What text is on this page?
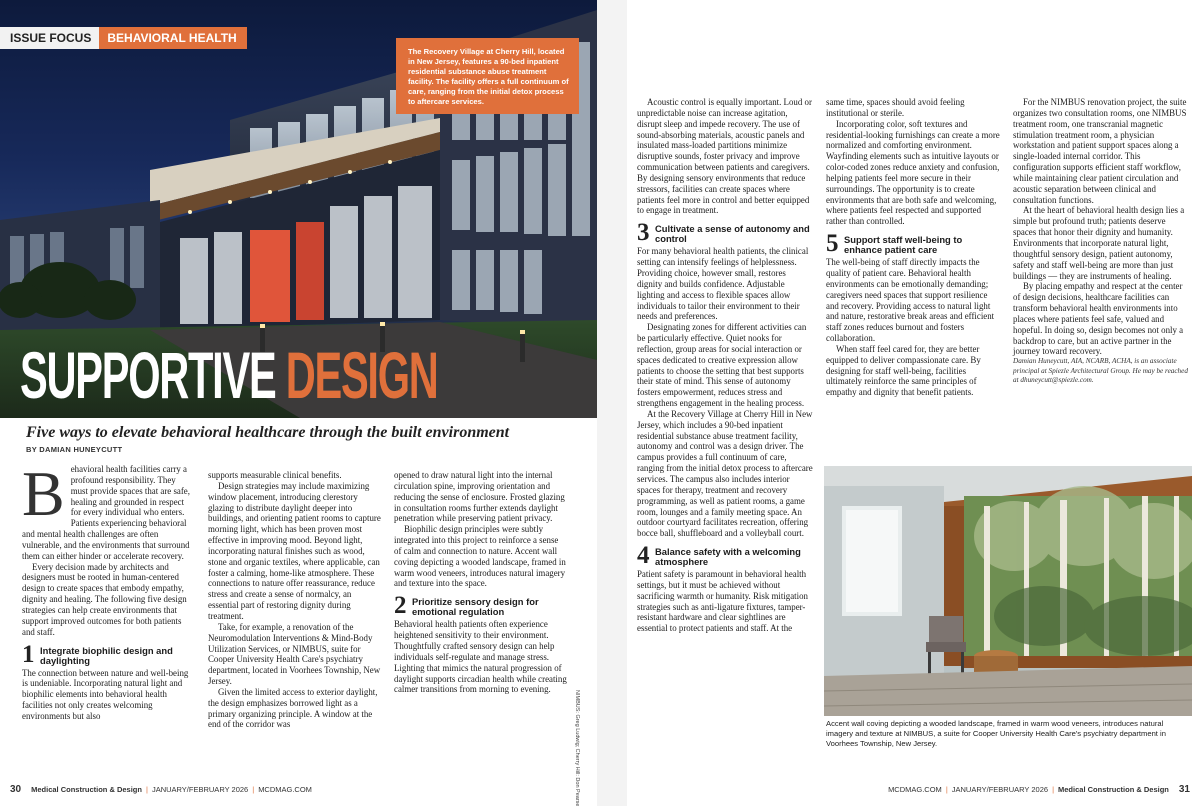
The Recovery Village at Cherry Hill, located in New Jersey, features a 90-bed inpatient residential substance abuse treatment facility. The facility offers a full continuum of care, ranging from the initial detox process to aftercare services.
SUPPORTIVE DESIGN
ISSUE FOCUS	BEHAVIORAL HEALTH
Five ways to elevate behavioral healthcare through the built environment
BY DAMIAN HUNEYCUTT
B ehavioral health facilities carry a profound responsibility. They must provide spaces that are safe, healing and grounded in respect for every individual who enters. Patients experiencing behavioral and mental health challenges are often vulnerable, and the environments that surround them can either hinder or accelerate recovery.

Every decision made by architects and designers must be rooted in human-centered design to create spaces that embody empathy, dignity and healing. The following five design strategies can help create environments that support improved outcomes for both patients and staff.

1 Integrate biophilic design and daylighting

The connection between nature and well-being is undeniable. Incorporating natural light and biophilic elements into behavioral health facilities not only creates welcoming environments but also

supports measurable clinical benefits.

Design strategies may include maximizing window placement, introducing clerestory glazing to distribute daylight deeper into buildings, and orienting patient rooms to capture morning light, which has been proven most effective in improving mood. Beyond light, incorporating natural finishes such as wood, stone and organic textiles, where applicable, can foster a calming, home-like atmosphere. These connections to nature offer reassurance, reduce stress and create a sense of normalcy, an essential part of restoring dignity during treatment.

Take, for example, a renovation of the Neuromodulation Interventions & Mind-Body Utilization Services, or NIMBUS, suite for Cooper University Health Care's psychiatry department, located in Voorhees Township, New Jersey.

Given the limited access to exterior daylight, the design emphasizes borrowed light as a primary organizing principle. A window at the end of the corridor was

opened to draw natural light into the internal circulation spine, improving orientation and reducing the sense of enclosure. Frosted glazing in consultation rooms further extends daylight penetration while preserving patient privacy.

Biophilic design principles were subtly integrated into this project to reinforce a sense of calm and connection to nature. Accent wall coving depicting a wooded landscape, framed in warm wood veneers, introduces natural imagery and texture into the space.

2 Prioritize sensory design for emotional regulation

Behavioral health patients often experience heightened sensitivity to their environment. Thoughtfully crafted sensory design can help individuals self-regulate and manage stress. Lighting that mimics the natural progression of daylight supports circadian health while creating calmer transitions from morning to evening.

NIMBUS: Greg Ludwig; Cherry Hill: Don Pearse
30 Medical Construction & Design | JANUARY/FEBRUARY 2026 | MCDMAG.COM

Acoustic control is equally important. Loud or unpredictable noise can increase agitation, disrupt sleep and impede recovery. The use of sound-absorbing materials, acoustic panels and insulated mass-loaded partitions minimize disruptive sounds, foster privacy and improve communication between patients and caregivers. By designing sensory environments that reduce stressors, facilities can create spaces where patients feel more in control and better equipped to engage in treatment.

3 Cultivate a sense of autonomy and control

For many behavioral health patients, the clinical setting can intensify feelings of helplessness. Providing choice, however small, restores dignity and builds confidence. Adjustable lighting and access to flexible spaces allow individuals to tailor their environment to their needs and preferences.

Designating zones for different activities can be particularly effective. Quiet nooks for reflection, group areas for social interaction or spaces dedicated to creative expression allow patients to choose the setting that best supports their state of mind. This sense of autonomy fosters empowerment, reduces stress and strengthens engagement in the healing process.

At the Recovery Village at Cherry Hill in New Jersey, which includes a 90-bed inpatient residential substance abuse treatment facility, autonomy and control was a design driver. The campus provides a full continuum of care, ranging from the initial detox process to aftercare services. The campus also includes interior spaces for therapy, treatment and recovery programming, as well as patient rooms, a game room, lounges and a family meeting space. An outdoor courtyard facilitates recreation, offering bocce ball, shuffleboard and a volleyball court.

4 Balance safety with a welcoming atmosphere

Patient safety is paramount in behavioral health settings, but it must be achieved without sacrificing warmth or humanity. Risk mitigation strategies such as anti-ligature fixtures, tamper-resistant hardware and clear sightlines are essential to protect patients and staff. At the

same time, spaces should avoid feeling institutional or sterile.

Incorporating color, soft textures and residential-looking furnishings can create a more normalized and comforting environment. Wayfinding elements such as intuitive layouts or color-coded zones reduce anxiety and confusion, helping patients feel more secure in their surroundings. The opportunity is to create environments that are both safe and welcoming, where patients feel respected and supported rather than controlled.

5 Support staff well-being to enhance patient care

The well-being of staff directly impacts the quality of patient care. Behavioral health environments can be emotionally demanding; caregivers need spaces that support resilience and recovery. Providing access to natural light and nature, restorative break areas and efficient staff zones reduces burnout and fosters collaboration.

When staff feel cared for, they are better equipped to deliver compassionate care. By designing for staff well-being, facilities ultimately reinforce the same principles of empathy and dignity that benefit patients.

For the NIMBUS renovation project, the suite organizes two consultation rooms, one NIMBUS treatment room, one transcranial magnetic stimulation treatment room, a physician workstation and patient support spaces along a single-loaded internal corridor. This configuration supports efficient staff workflow, while maintaining clear patient circulation and acoustic separation between clinical and consultation functions.

At the heart of behavioral health design lies a simple but profound truth; patients deserve spaces that honor their dignity and humanity. Environments that incorporate natural light, thoughtful sensory design, patient autonomy, safety and staff well-being are more than just buildings — they are instruments of healing.

By placing empathy and respect at the center of design decisions, healthcare facilities can transform behavioral health environments into places where patients feel safe, valued and hopeful. In doing so, design becomes not only a backdrop to care, but an active partner in the journey toward recovery.

Damian Huneycutt, AIA, NCARB, ACHA, is an associate principal at Spiezle Architectural Group. He may be reached at dhuneycutt@spiezle.com.

Accent wall coving depicting a wooded landscape, framed in warm wood veneers, introduces natural imagery and texture at NIMBUS, a suite for Cooper University Health Care's psychiatry department in Voorhees Township, New Jersey.
MCDMAG.COM | JANUARY/FEBRUARY 2026 | Medical Construction & Design 31
